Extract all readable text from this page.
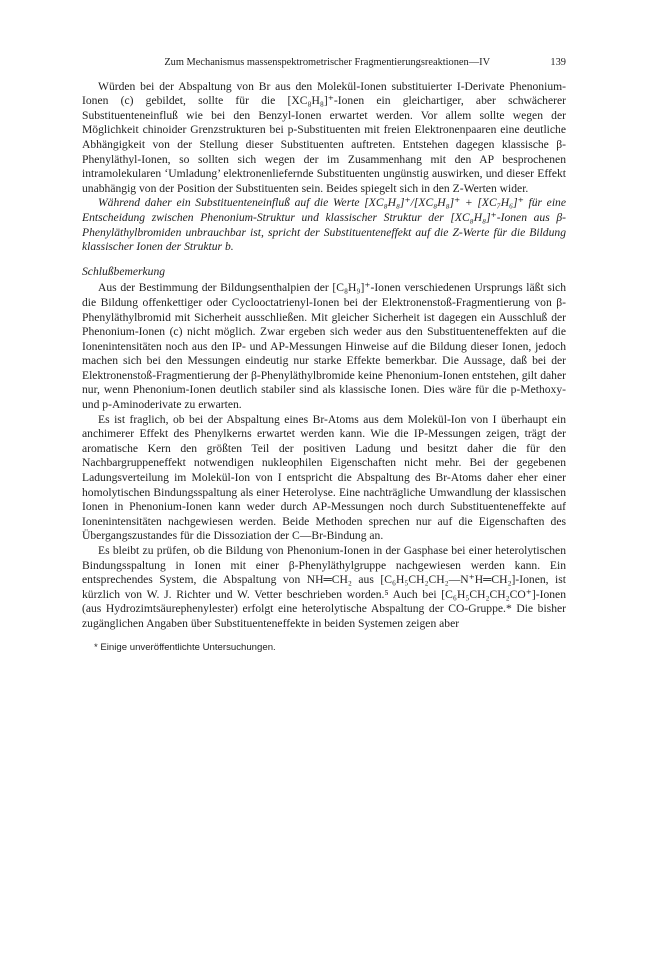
Zum Mechanismus massenspektrometrischer Fragmentierungsreaktionen—IV	139

Würden bei der Abspaltung von Br aus den Molekül-Ionen substituierter I-Derivate Phenonium-Ionen (c) gebildet, sollte für die [XC₈H₈]⁺-Ionen ein gleichartiger, aber schwächerer Substituenteneinfluß wie bei den Benzyl-Ionen erwartet werden. Vor allem sollte wegen der Möglichkeit chinoider Grenzstrukturen bei p-Substituenten mit freien Elektronenpaaren eine deutliche Abhängigkeit von der Stellung dieser Substituenten auftreten. Entstehen dagegen klassische β-Phenyläthyl-Ionen, so sollten sich wegen der im Zusammenhang mit den AP besprochenen intramolekularen ‘Umladung’ elektronenliefernde Substituenten ungünstig auswirken, und dieser Effekt unabhängig von der Position der Substituenten sein. Beides spiegelt sich in den Z-Werten wider.

Während daher ein Substituenteneinfluß auf die Werte [XC₈H₈]⁺/[XC₈H₈]⁺ + [XC₇H₆]⁺ für eine Entscheidung zwischen Phenonium-Struktur und klassischer Struktur der [XC₈H₈]⁺-Ionen aus β-Phenyläthylbromiden unbrauchbar ist, spricht der Substituenteneffekt auf die Z-Werte für die Bildung klassischer Ionen der Struktur b.

Schlußbemerkung

Aus der Bestimmung der Bildungsenthalpien der [C₈H₉]⁺-Ionen verschiedenen Ursprungs läßt sich die Bildung offenkettiger oder Cyclooctatrienyl-Ionen bei der Elektronenstoß-Fragmentierung von β-Phenyläthylbromid mit Sicherheit ausschließen. Mit gleicher Sicherheit ist dagegen ein Ausschluß der Phenonium-Ionen (c) nicht möglich. Zwar ergeben sich weder aus den Substituenteneffekten auf die Ionenintensitäten noch aus den IP- und AP-Messungen Hinweise auf die Bildung dieser Ionen, jedoch machen sich bei den Messungen eindeutig nur starke Effekte bemerkbar. Die Aussage, daß bei der Elektronenstoß-Fragmentierung der β-Phenyläthylbromide keine Phenonium-Ionen entstehen, gilt daher nur, wenn Phenonium-Ionen deutlich stabiler sind als klassische Ionen. Dies wäre für die p-Methoxy- und p-Aminoderivate zu erwarten.

Es ist fraglich, ob bei der Abspaltung eines Br-Atoms aus dem Molekül-Ion von I überhaupt ein anchimerer Effekt des Phenylkerns erwartet werden kann. Wie die IP-Messungen zeigen, trägt der aromatische Kern den größten Teil der positiven Ladung und besitzt daher die für den Nachbargruppeneffekt notwendigen nukleophilen Eigenschaften nicht mehr. Bei der gegebenen Ladungsverteilung im Molekül-Ion von I entspricht die Abspaltung des Br-Atoms daher eher einer homolytischen Bindungsspaltung als einer Heterolyse. Eine nachträgliche Umwandlung der klassischen Ionen in Phenonium-Ionen kann weder durch AP-Messungen noch durch Substituenteneffekte auf Ionenintensitäten nachgewiesen werden. Beide Methoden sprechen nur auf die Eigenschaften des Übergangszustandes für die Dissoziation der C—Br-Bindung an.

Es bleibt zu prüfen, ob die Bildung von Phenonium-Ionen in der Gasphase bei einer heterolytischen Bindungsspaltung in Ionen mit einer β-Phenyläthylgruppe nachgewiesen werden kann. Ein entsprechendes System, die Abspaltung von NH═CH₂ aus [C₆H₅CH₂CH₂—N⁺H═CH₂]-Ionen, ist kürzlich von W. J. Richter und W. Vetter beschrieben worden.⁵ Auch bei [C₆H₅CH₂CH₂CO⁺]-Ionen (aus Hydrozimtsäurephenylester) erfolgt eine heterolytische Abspaltung der CO-Gruppe.* Die bisher zugänglichen Angaben über Substituenteneffekte in beiden Systemen zeigen aber

* Einige unveröffentlichte Untersuchungen.
